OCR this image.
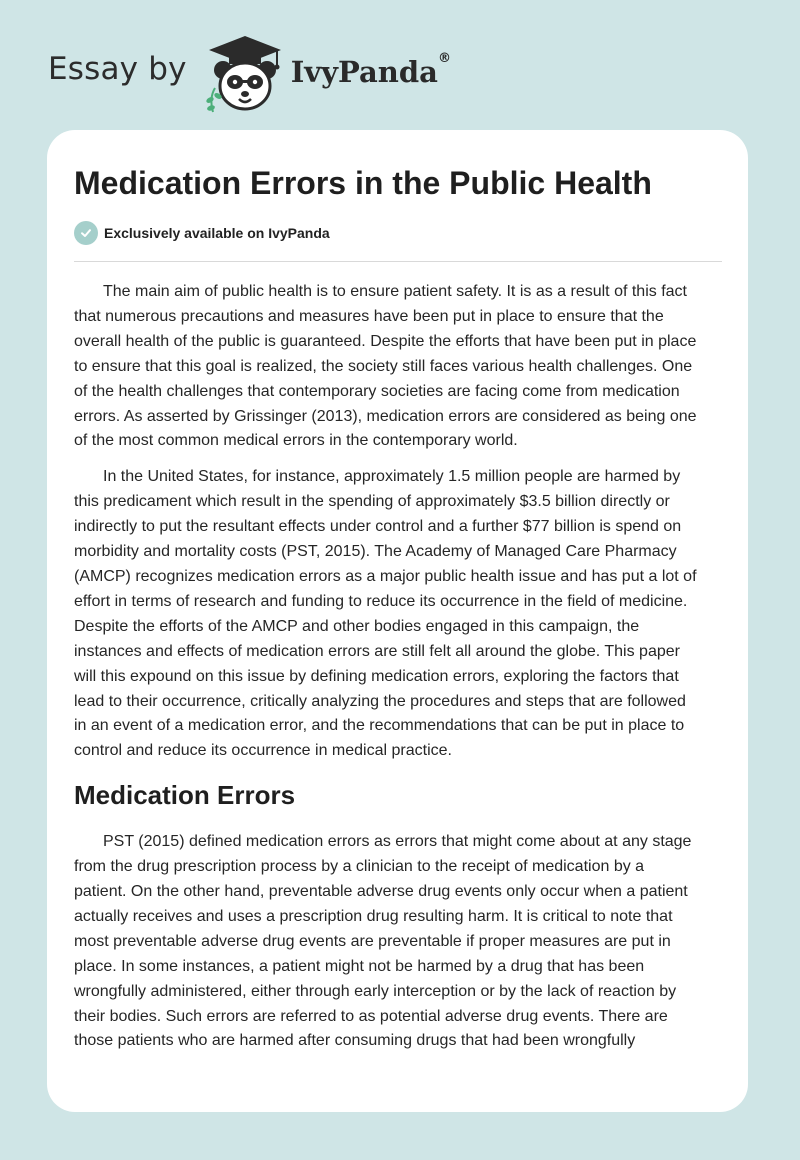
Essay by	IvyPanda®
Medication Errors in the Public Health
Exclusively available on IvyPanda

The main aim of public health is to ensure patient safety. It is as a result of this fact
that numerous precautions and measures have been put in place to ensure that the
overall health of the public is guaranteed. Despite the efforts that have been put in place
to ensure that this goal is realized, the society still faces various health challenges. One
of the health challenges that contemporary societies are facing come from medication
errors. As asserted by Grissinger (2013), medication errors are considered as being one
of the most common medical errors in the contemporary world.

In the United States, for instance, approximately 1.5 million people are harmed by
this predicament which result in the spending of approximately $3.5 billion directly or
indirectly to put the resultant effects under control and a further $77 billion is spend on
morbidity and mortality costs (PST, 2015). The Academy of Managed Care Pharmacy
(AMCP) recognizes medication errors as a major public health issue and has put a lot of
effort in terms of research and funding to reduce its occurrence in the field of medicine.
Despite the efforts of the AMCP and other bodies engaged in this campaign, the
instances and effects of medication errors are still felt all around the globe. This paper
will this expound on this issue by defining medication errors, exploring the factors that
lead to their occurrence, critically analyzing the procedures and steps that are followed
in an event of a medication error, and the recommendations that can be put in place to
control and reduce its occurrence in medical practice.

Medication Errors

PST (2015) defined medication errors as errors that might come about at any stage
from the drug prescription process by a clinician to the receipt of medication by a
patient. On the other hand, preventable adverse drug events only occur when a patient
actually receives and uses a prescription drug resulting harm. It is critical to note that
most preventable adverse drug events are preventable if proper measures are put in
place. In some instances, a patient might not be harmed by a drug that has been
wrongfully administered, either through early interception or by the lack of reaction by
their bodies. Such errors are referred to as potential adverse drug events. There are
those patients who are harmed after consuming drugs that had been wrongfully
